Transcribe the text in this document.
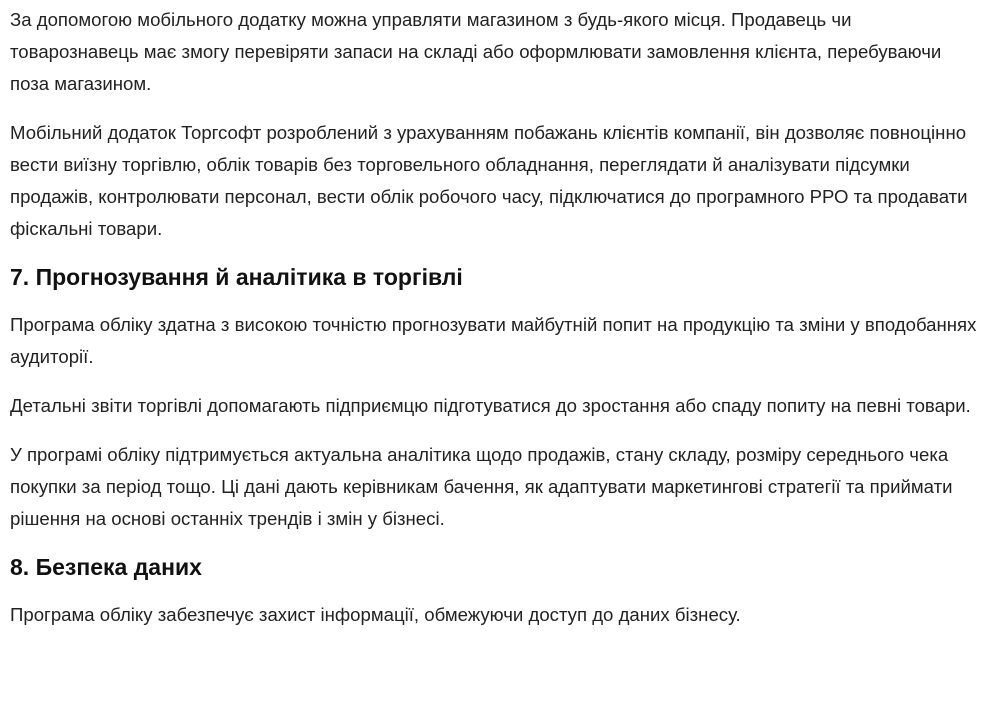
За допомогою мобільного додатку можна управляти магазином з будь-якого місця. Продавець чи товарознавець має змогу перевіряти запаси на складі або оформлювати замовлення клієнта, перебуваючи поза магазином.

Мобільний додаток Торгсофт розроблений з урахуванням побажань клієнтів компанії, він дозволяє повноцінно вести виїзну торгівлю, облік товарів без торговельного обладнання, переглядати й аналізувати підсумки продажів, контролювати персонал, вести облік робочого часу, підключатися до програмного РРО та продавати фіскальні товари.

7. Прогнозування й аналітика в торгівлі

Програма обліку здатна з високою точністю прогнозувати майбутній попит на продукцію та зміни у вподобаннях аудиторії.

Детальні звіти торгівлі допомагають підприємцю підготуватися до зростання або спаду попиту на певні товари.

У програмі обліку підтримується актуальна аналітика щодо продажів, стану складу, розміру середнього чека покупки за період тощо. Ці дані дають керівникам бачення, як адаптувати маркетингові стратегії та приймати рішення на основі останніх трендів і змін у бізнесі.

8. Безпека даних

Програма обліку забезпечує захист інформації, обмежуючи доступ до даних бізнесу.
